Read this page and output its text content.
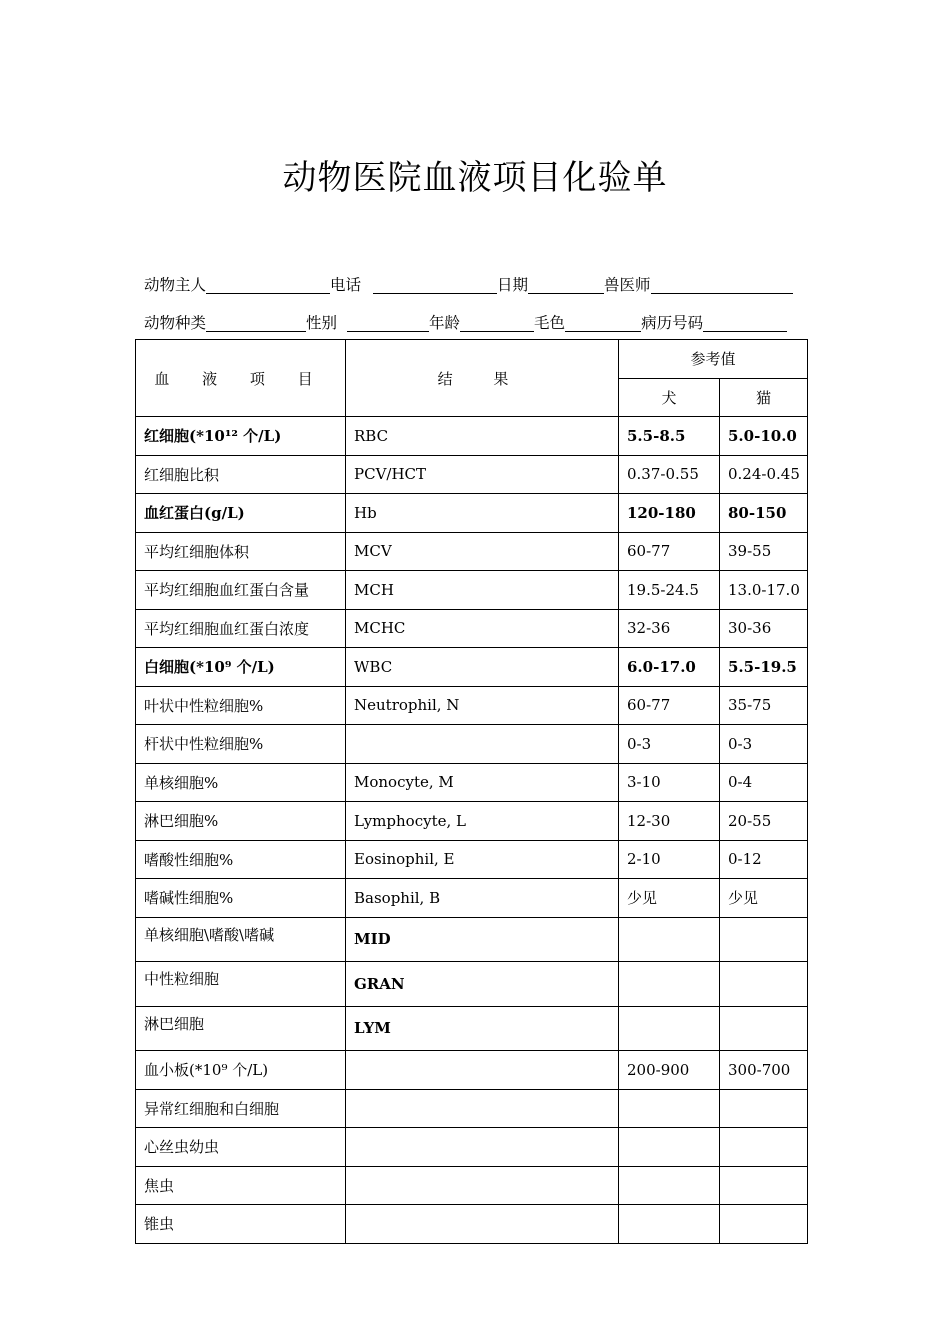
动物医院血液项目化验单
动物主人	电话	日期	兽医师
动物种类	性别	年龄	毛色	病历号码
血 液 项 目	结 果	参考值	
		犬	猫
红细胞(*10¹² 个/L)	RBC	5.5-8.5	5.0-10.0
红细胞比积	PCV/HCT	0.37-0.55	0.24-0.45
血红蛋白(g/L)	Hb	120-180	80-150
平均红细胞体积	MCV	60-77	39-55
平均红细胞血红蛋白含量	MCH	19.5-24.5	13.0-17.0
平均红细胞血红蛋白浓度	MCHC	32-36	30-36
白细胞(*10⁹ 个/L)	WBC	6.0-17.0	5.5-19.5
叶状中性粒细胞%	Neutrophil, N	60-77	35-75
杆状中性粒细胞%		0-3	0-3
单核细胞%	Monocyte, M	3-10	0-4
淋巴细胞%	Lymphocyte, L	12-30	20-55
嗜酸性细胞%	Eosinophil, E	2-10	0-12
嗜碱性细胞%	Basophil, B	少见	少见
单核细胞\嗜酸\嗜碱	MID		
中性粒细胞	GRAN		
淋巴细胞	LYM		
血小板(*10⁹ 个/L)		200-900	300-700
异常红细胞和白细胞			
心丝虫幼虫			
焦虫			
锥虫			
